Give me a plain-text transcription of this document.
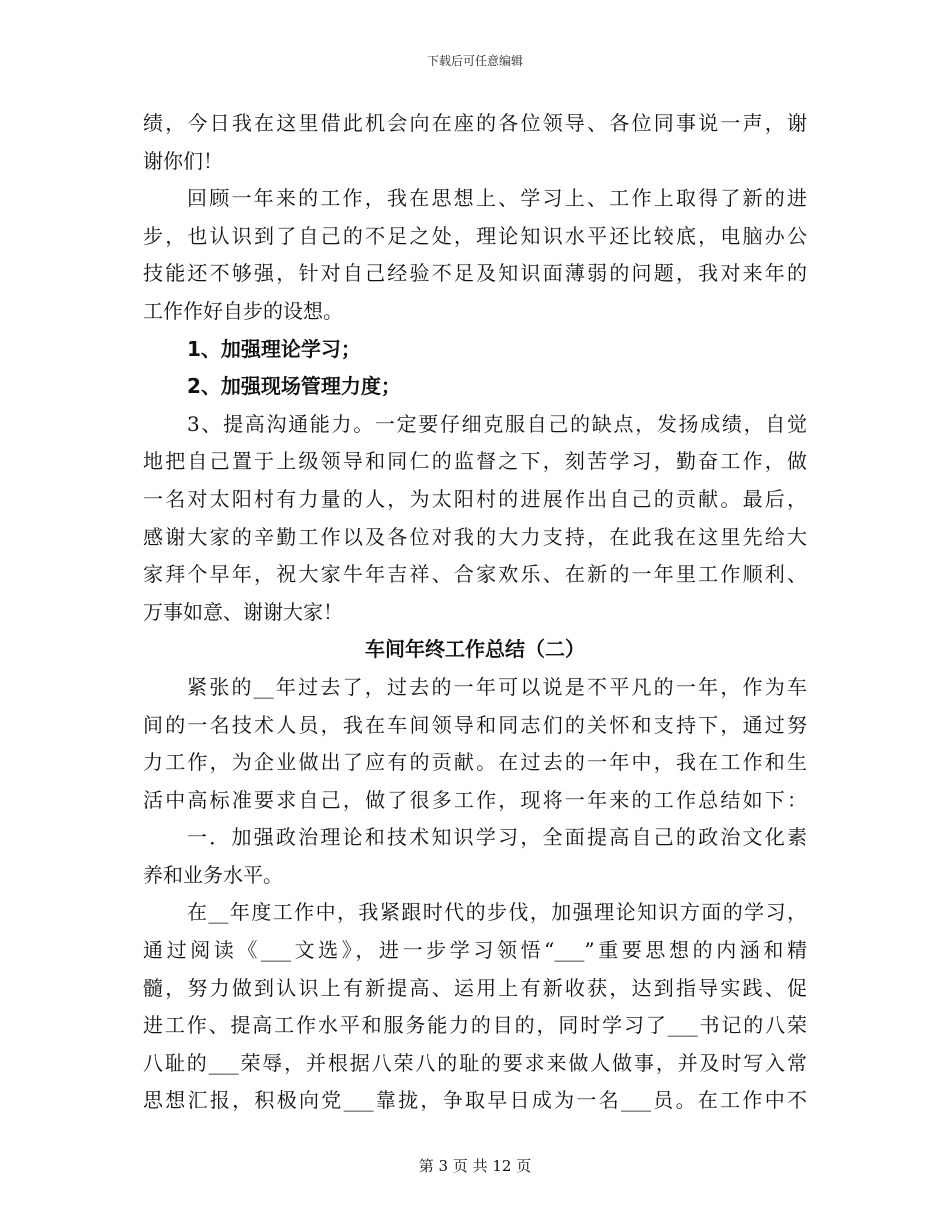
下载后可任意编辑
绩，今日我在这里借此机会向在座的各位领导、各位同事说一声，谢
谢你们！
回顾一年来的工作，我在思想上、学习上、工作上取得了新的进
步，也认识到了自己的不足之处，理论知识水平还比较底，电脑办公
技能还不够强，针对自己经验不足及知识面薄弱的问题，我对来年的
工作作好自步的设想。
1、加强理论学习；
2、加强现场管理力度；
3、提高沟通能力。一定要仔细克服自己的缺点，发扬成绩，自觉
地把自己置于上级领导和同仁的监督之下，刻苦学习，勤奋工作，做
一名对太阳村有力量的人，为太阳村的进展作出自己的贡献。最后，
感谢大家的辛勤工作以及各位对我的大力支持，在此我在这里先给大
家拜个早年，祝大家牛年吉祥、合家欢乐、在新的一年里工作顺利、
万事如意、谢谢大家！
车间年终工作总结（二）
紧张的__年过去了，过去的一年可以说是不平凡的一年，作为车
间的一名技术人员，我在车间领导和同志们的关怀和支持下，通过努
力工作，为企业做出了应有的贡献。在过去的一年中，我在工作和生
活中高标准要求自己，做了很多工作，现将一年来的工作总结如下：
一．加强政治理论和技术知识学习，全面提高自己的政治文化素
养和业务水平。
在__年度工作中，我紧跟时代的步伐，加强理论知识方面的学习，
通过阅读《___文选》，进一步学习领悟“___”重要思想的内涵和精
髓，努力做到认识上有新提高、运用上有新收获，达到指导实践、促
进工作、提高工作水平和服务能力的目的，同时学习了___书记的八荣
八耻的___荣辱，并根据八荣八的耻的要求来做人做事，并及时写入常
思想汇报，积极向党___靠拢，争取早日成为一名___员。在工作中不
第 3 页 共 12 页
